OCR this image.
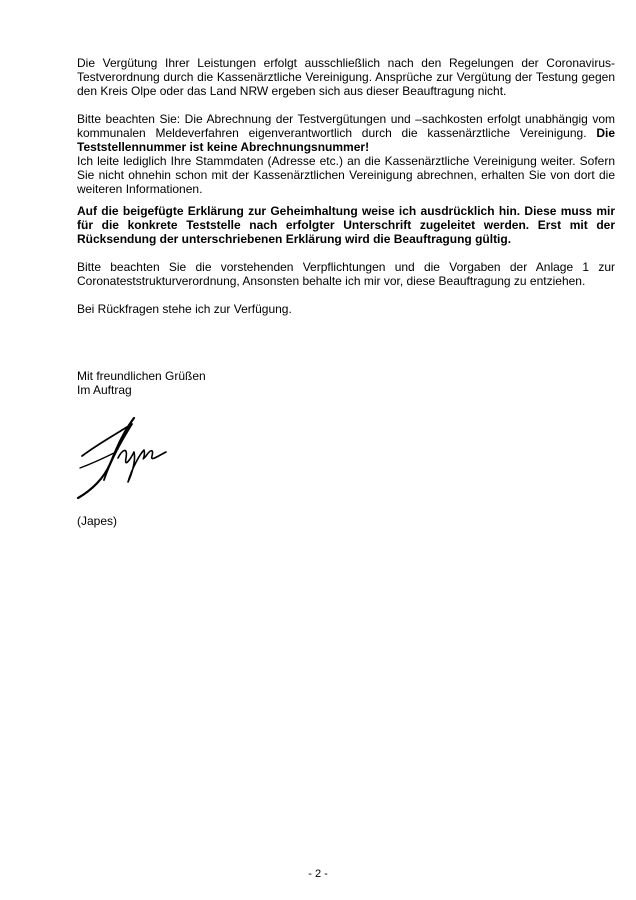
Die Vergütung Ihrer Leistungen erfolgt ausschließlich nach den Regelungen der Coronavirus-Testverordnung durch die Kassenärztliche Vereinigung. Ansprüche zur Vergütung der Testung gegen den Kreis Olpe oder das Land NRW ergeben sich aus dieser Beauftragung nicht.

Bitte beachten Sie: Die Abrechnung der Testvergütungen und –sachkosten erfolgt unabhängig vom kommunalen Meldeverfahren eigenverantwortlich durch die kassenärztliche Vereinigung. Die Teststellennummer ist keine Abrechnungsnummer!
Ich leite lediglich Ihre Stammdaten (Adresse etc.) an die Kassenärztliche Vereinigung weiter. Sofern Sie nicht ohnehin schon mit der Kassenärztlichen Vereinigung abrechnen, erhalten Sie von dort die weiteren Informationen.

Auf die beigefügte Erklärung zur Geheimhaltung weise ich ausdrücklich hin. Diese muss mir für die konkrete Teststelle nach erfolgter Unterschrift zugeleitet werden. Erst mit der Rücksendung der unterschriebenen Erklärung wird die Beauftragung gültig.

Bitte beachten Sie die vorstehenden Verpflichtungen und die Vorgaben der Anlage 1 zur Coronateststrukturverordnung, Ansonsten behalte ich mir vor, diese Beauftragung zu entziehen.

Bei Rückfragen stehe ich zur Verfügung.

Mit freundlichen Grüßen
Im Auftrag
(Japes)
- 2 -
